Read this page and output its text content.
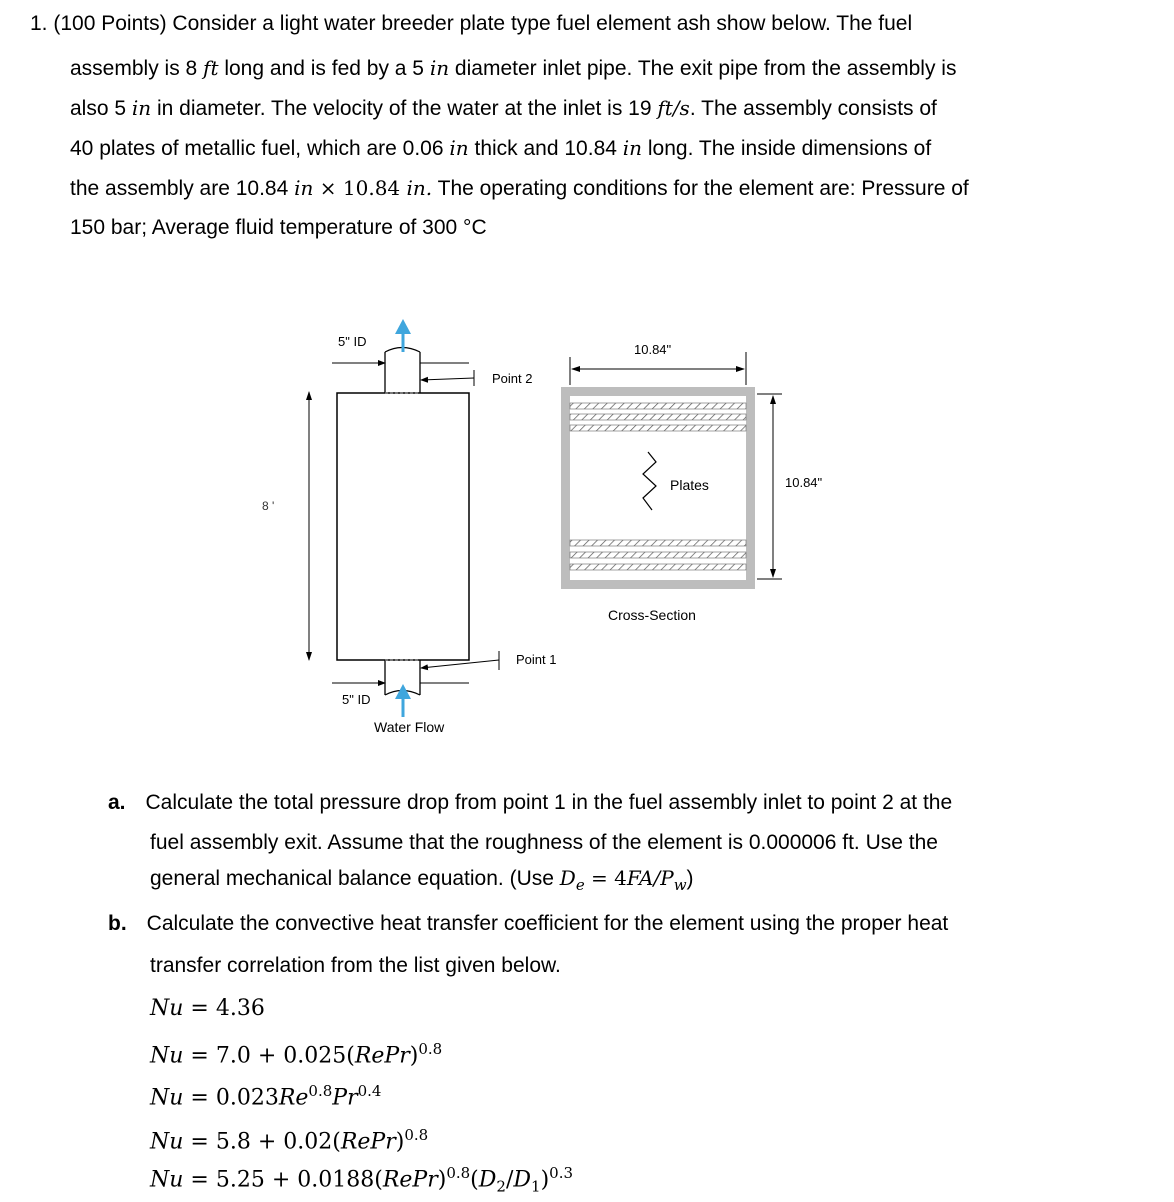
1. (100 Points) Consider a light water breeder plate type fuel element ash show below. The fuel
assembly is 8 ft long and is fed by a 5 in diameter inlet pipe. The exit pipe from the assembly is
also 5 in in diameter. The velocity of the water at the inlet is 19 ft/s. The assembly consists of
40 plates of metallic fuel, which are 0.06 in thick and 10.84 in long. The inside dimensions of
the assembly are 10.84 in × 10.84 in. The operating conditions for the element are: Pressure of
150 bar; Average fluid temperature of 300 °C
5" ID
Point 2
5" ID
Point 1
8 '
Water Flow
Plates
10.84"
10.84"
Cross-Section
a. Calculate the total pressure drop from point 1 in the fuel assembly inlet to point 2 at the
fuel assembly exit. Assume that the roughness of the element is 0.000006 ft. Use the
general mechanical balance equation. (Use $D_e = 4FA/P_w$)
b. Calculate the convective heat transfer coefficient for the element using the proper heat
transfer correlation from the list given below.
Nu = 4.36
Nu = 7.0 + 0.025(RePr)$^{0.8}$
$Nu = 0.023Re^{0.8}Pr^{0.4}$
Nu = 5.8 + 0.02(RePr)$^{0.8}$
$Nu = 5.25 + 0.0188(RePr)^{0.8}(D_2/D_1)^{0.3}$
